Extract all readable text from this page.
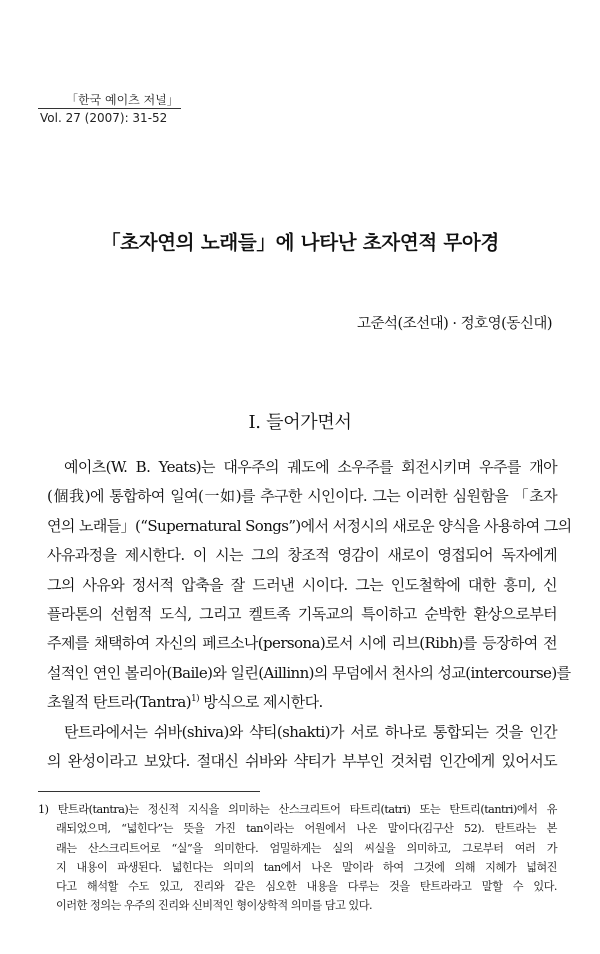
「한국 예이츠 저널」
Vol. 27 (2007): 31-52
「초자연의 노래들」에 나타난 초자연적 무아경
고준석(조선대) · 정호영(동신대)
I. 들어가면서
예이츠(W. B. Yeats)는 대우주의 궤도에 소우주를 회전시키며 우주를 개아
(個我)에 통합하여 일여(一如)를 추구한 시인이다. 그는 이러한 심원함을 「초자
연의 노래들」(“Supernatural Songs”)에서 서정시의 새로운 양식을 사용하여 그의
사유과정을 제시한다. 이 시는 그의 창조적 영감이 새로이 영접되어 독자에게
그의 사유와 정서적 압축을 잘 드러낸 시이다. 그는 인도철학에 대한 흥미, 신
플라톤의 선험적 도식, 그리고 켈트족 기독교의 특이하고 순박한 환상으로부터
주제를 채택하여 자신의 페르소나(persona)로서 시에 리브(Ribh)를 등장하여 전
설적인 연인 볼리아(Baile)와 일린(Aillinn)의 무덤에서 천사의 성교(intercourse)를
초월적 탄트라(Tantra)$^{1)}$ 방식으로 제시한다.
탄트라에서는 쉬바(shiva)와 샥티(shakti)가 서로 하나로 통합되는 것을 인간
의 완성이라고 보았다. 절대신 쉬바와 샥티가 부부인 것처럼 인간에게 있어서도
1) 탄트라(tantra)는 정신적 지식을 의미하는 산스크리트어 타트리(tatri) 또는 탄트리(tantri)에서 유
래되었으며, “넓힌다”는 뜻을 가진 tan이라는 어원에서 나온 말이다(김구산 52). 탄트라는 본
래는 산스크리트어로 “실”을 의미한다. 엄밀하게는 실의 씨실을 의미하고, 그로부터 여러 가
지 내용이 파생된다. 넓힌다는 의미의 tan에서 나온 말이라 하여 그것에 의해 지혜가 넓혀진
다고 해석할 수도 있고, 진리와 같은 심오한 내용을 다루는 것을 탄트라라고 말할 수 있다.
이러한 정의는 우주의 진리와 신비적인 형이상학적 의미를 담고 있다.
